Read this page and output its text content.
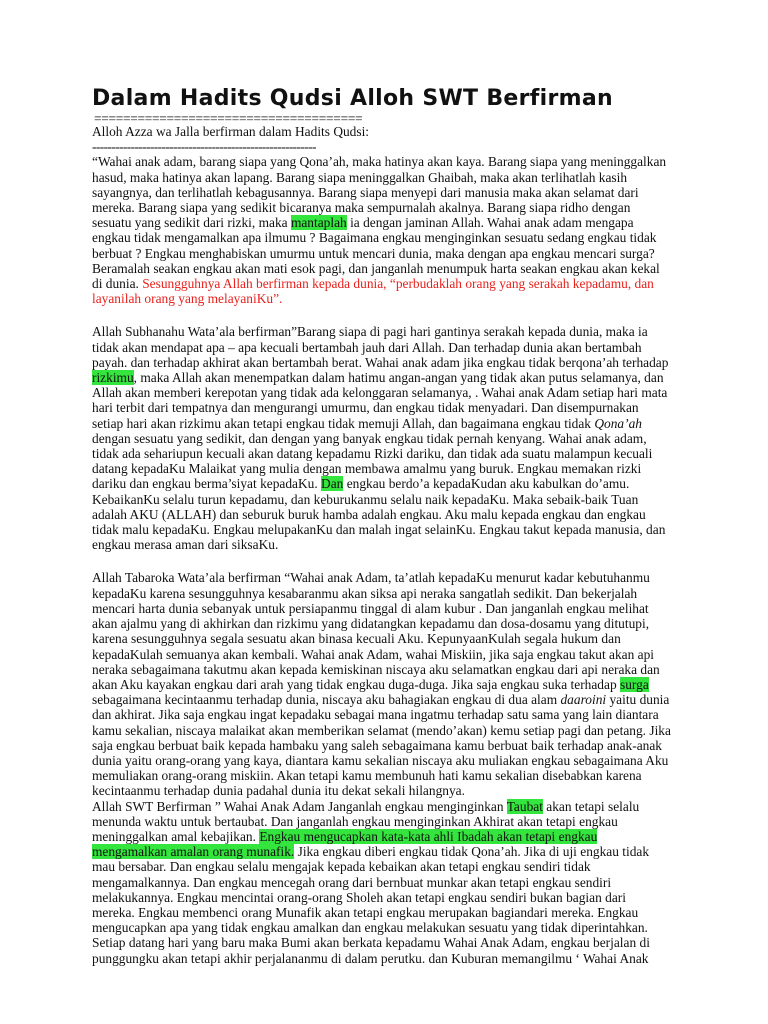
Dalam Hadits Qudsi Alloh SWT Berfirman

=====================================

Alloh Azza wa Jalla berfirman dalam Hadits Qudsi:

----------------------------------------------------------

“Wahai anak adam, barang siapa yang Qona’ah, maka hatinya akan kaya. Barang siapa yang meninggalkan hasud, maka hatinya akan lapang. Barang siapa meninggalkan Ghaibah, maka akan terlihatlah kasih sayangnya, dan terlihatlah kebagusannya. Barang siapa menyepi dari manusia maka akan selamat dari mereka. Barang siapa yang sedikit bicaranya maka sempurnalah akalnya. Barang siapa ridho dengan sesuatu yang sedikit dari rizki, maka mantaplah ia dengan jaminan Allah. Wahai anak adam mengapa engkau tidak mengamalkan apa ilmumu ? Bagaimana engkau menginginkan sesuatu sedang engkau tidak berbuat ? Engkau menghabiskan umurmu untuk mencari dunia, maka dengan apa engkau mencari surga? Beramalah seakan engkau akan mati esok pagi, dan janganlah menumpuk harta seakan engkau akan kekal di dunia. Sesungguhnya Allah berfirman kepada dunia, “perbudaklah orang yang serakah kepadamu, dan layanilah orang yang melayaniKu”.

Allah Subhanahu Wata’ala berfirman”Barang siapa di pagi hari gantinya serakah kepada dunia, maka ia tidak akan mendapat apa – apa kecuali bertambah jauh dari Allah. Dan terhadap dunia akan bertambah payah. dan terhadap akhirat akan bertambah berat. Wahai anak adam jika engkau tidak berqona’ah terhadap rizkimu, maka Allah akan menempatkan dalam hatimu angan-angan yang tidak akan putus selamanya, dan Allah akan memberi kerepotan yang tidak ada kelonggaran selamanya, . Wahai anak Adam setiap hari mata hari terbit dari tempatnya dan mengurangi umurmu, dan engkau tidak menyadari. Dan disempurnakan setiap hari akan rizkimu akan tetapi engkau tidak memuji Allah, dan bagaimana engkau tidak Qona’ah dengan sesuatu yang sedikit, dan dengan yang banyak engkau tidak pernah kenyang. Wahai anak adam, tidak ada sehariupun kecuali akan datang kepadamu Rizki dariku, dan tidak ada suatu malampun kecuali datang kepadaKu Malaikat yang mulia dengan membawa amalmu yang buruk. Engkau memakan rizki dariku dan engkau berma’siyat kepadaKu. Dan engkau berdo’a kepadaKudan aku kabulkan do’amu. KebaikanKu selalu turun kepadamu, dan keburukanmu selalu naik kepadaKu. Maka sebaik-baik Tuan adalah AKU (ALLAH) dan seburuk buruk hamba adalah engkau. Aku malu kepada engkau dan engkau tidak malu kepadaKu. Engkau melupakanKu dan malah ingat selainKu. Engkau takut kepada manusia, dan engkau merasa aman dari siksaKu.

Allah Tabaroka Wata’ala berfirman “Wahai anak Adam, ta’atlah kepadaKu menurut kadar kebutuhanmu kepadaKu karena sesungguhnya kesabaranmu akan siksa api neraka sangatlah sedikit. Dan bekerjalah mencari harta dunia sebanyak untuk persiapanmu tinggal di alam kubur . Dan janganlah engkau melihat akan ajalmu yang di akhirkan dan rizkimu yang didatangkan kepadamu dan dosa-dosamu yang ditutupi, karena sesungguhnya segala sesuatu akan binasa kecuali Aku. KepunyaanKulah segala hukum dan kepadaKulah semuanya akan kembali. Wahai anak Adam, wahai Miskiin, jika saja engkau takut akan api neraka sebagaimana takutmu akan kepada kemiskinan niscaya aku selamatkan engkau dari api neraka dan akan Aku kayakan engkau dari arah yang tidak engkau duga-duga. Jika saja engkau suka terhadap surga sebagaimana kecintaanmu terhadap dunia, niscaya aku bahagiakan engkau di dua alam daaroini yaitu dunia dan akhirat. Jika saja engkau ingat kepadaku sebagai mana ingatmu terhadap satu sama yang lain diantara kamu sekalian, niscaya malaikat akan memberikan selamat (mendo’akan) kemu setiap pagi dan petang. Jika saja engkau berbuat baik kepada hambaku yang saleh sebagaimana kamu berbuat baik terhadap anak-anak dunia yaitu orang-orang yang kaya, diantara kamu sekalian niscaya aku muliakan engkau sebagaimana Aku memuliakan orang-orang miskiin. Akan tetapi kamu membunuh hati kamu sekalian disebabkan karena kecintaanmu terhadap dunia padahal dunia itu dekat sekali hilangnya.

Allah SWT Berfirman ” Wahai Anak Adam Janganlah engkau menginginkan Taubat akan tetapi selalu menunda waktu untuk bertaubat. Dan janganlah engkau menginginkan Akhirat akan tetapi engkau meninggalkan amal kebajikan. Engkau mengucapkan kata-kata ahli Ibadah akan tetapi engkau mengamalkan amalan orang munafik. Jika engkau diberi engkau tidak Qona’ah. Jika di uji engkau tidak mau bersabar. Dan engkau selalu mengajak kepada kebaikan akan tetapi engkau sendiri tidak mengamalkannya. Dan engkau mencegah orang dari bernbuat munkar akan tetapi engkau sendiri melakukannya. Engkau mencintai orang-orang Sholeh akan tetapi engkau sendiri bukan bagian dari mereka. Engkau membenci orang Munafik akan tetapi engkau merupakan bagiandari mereka. Engkau mengucapkan apa yang tidak engkau amalkan dan engkau melakukan sesuatu yang tidak diperintahkan. Setiap datang hari yang baru maka Bumi akan berkata kepadamu Wahai Anak Adam, engkau berjalan di punggungku akan tetapi akhir perjalananmu di dalam perutku. dan Kuburan memangilmu ‘ Wahai Anak
